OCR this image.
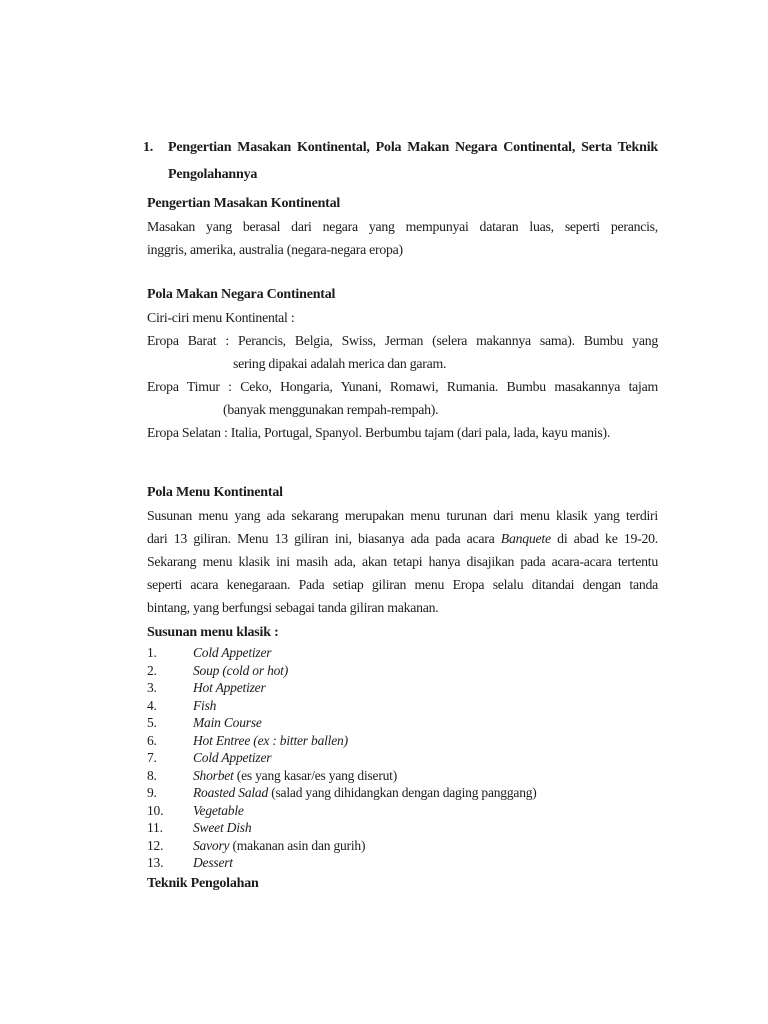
1. Pengertian Masakan Kontinental, Pola Makan Negara Continental, Serta Teknik
Pengolahannya
Pengertian Masakan Kontinental
Masakan yang berasal dari negara yang mempunyai dataran luas, seperti perancis,
inggris, amerika, australia (negara-negara eropa)
Pola Makan Negara Continental
Ciri-ciri menu Kontinental :
Eropa Barat : Perancis, Belgia, Swiss, Jerman (selera makannya sama). Bumbu yang
sering dipakai adalah merica dan garam.
Eropa Timur : Ceko, Hongaria, Yunani, Romawi, Rumania. Bumbu masakannya tajam
(banyak menggunakan rempah-rempah).
Eropa Selatan : Italia, Portugal, Spanyol. Berbumbu tajam (dari pala, lada, kayu manis).
Pola Menu Kontinental
Susunan menu yang ada sekarang merupakan menu turunan dari menu klasik yang terdiri
dari 13 giliran. Menu 13 giliran ini, biasanya ada pada acara Banquete di abad ke 19-20.
Sekarang menu klasik ini masih ada, akan tetapi hanya disajikan pada acara-acara tertentu
seperti acara kenegaraan. Pada setiap giliran menu Eropa selalu ditandai dengan tanda
bintang, yang berfungsi sebagai tanda giliran makanan.
Susunan menu klasik :
1.	Cold Appetizer
2.	Soup (cold or hot)
3.	Hot Appetizer
4.	Fish
5.	Main Course
6.	Hot Entree (ex : bitter ballen)
7.	Cold Appetizer
8.	Shorbet (es yang kasar/es yang diserut)
9.	Roasted Salad (salad yang dihidangkan dengan daging panggang)
10. Vegetable
11. Sweet Dish
12. Savory (makanan asin dan gurih)
13. Dessert
Teknik Pengolahan
